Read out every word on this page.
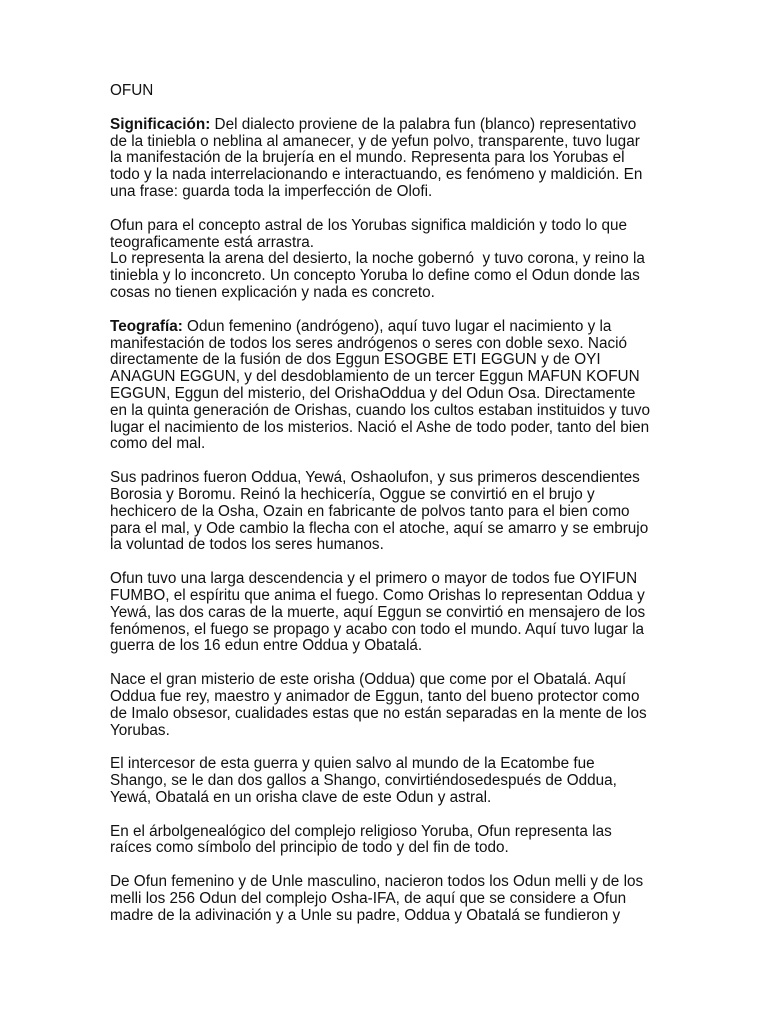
OFUN
Significación: Del dialecto proviene de la palabra fun (blanco) representativo
de la tiniebla o neblina al amanecer, y de yefun polvo, transparente, tuvo lugar
la manifestación de la brujería en el mundo. Representa para los Yorubas el
todo y la nada interrelacionando e interactuando, es fenómeno y maldición. En
una frase: guarda toda la imperfección de Olofi.
Ofun para el concepto astral de los Yorubas significa maldición y todo lo que
teograficamente está arrastra.
Lo representa la arena del desierto, la noche gobernó  y tuvo corona, y reino la
tiniebla y lo inconcreto. Un concepto Yoruba lo define como el Odun donde las
cosas no tienen explicación y nada es concreto.
Teografía: Odun femenino (andrógeno), aquí tuvo lugar el nacimiento y la
manifestación de todos los seres andrógenos o seres con doble sexo. Nació
directamente de la fusión de dos Eggun ESOGBE ETI EGGUN y de OYI
ANAGUN EGGUN, y del desdoblamiento de un tercer Eggun MAFUN KOFUN
EGGUN, Eggun del misterio, del OrishaOddua y del Odun Osa. Directamente
en la quinta generación de Orishas, cuando los cultos estaban instituidos y tuvo
lugar el nacimiento de los misterios. Nació el Ashe de todo poder, tanto del bien
como del mal.
Sus padrinos fueron Oddua, Yewá, Oshaolufon, y sus primeros descendientes
Borosia y Boromu. Reinó la hechicería, Oggue se convirtió en el brujo y
hechicero de la Osha, Ozain en fabricante de polvos tanto para el bien como
para el mal, y Ode cambio la flecha con el atoche, aquí se amarro y se embrujo
la voluntad de todos los seres humanos.
Ofun tuvo una larga descendencia y el primero o mayor de todos fue OYIFUN
FUMBO, el espíritu que anima el fuego. Como Orishas lo representan Oddua y
Yewá, las dos caras de la muerte, aquí Eggun se convirtió en mensajero de los
fenómenos, el fuego se propago y acabo con todo el mundo. Aquí tuvo lugar la
guerra de los 16 edun entre Oddua y Obatalá.
Nace el gran misterio de este orisha (Oddua) que come por el Obatalá. Aquí
Oddua fue rey, maestro y animador de Eggun, tanto del bueno protector como
de Imalo obsesor, cualidades estas que no están separadas en la mente de los
Yorubas.
El intercesor de esta guerra y quien salvo al mundo de la Ecatombe fue
Shango, se le dan dos gallos a Shango, convirtiéndosedespués de Oddua,
Yewá, Obatalá en un orisha clave de este Odun y astral.
En el árbolgenealógico del complejo religioso Yoruba, Ofun representa las
raíces como símbolo del principio de todo y del fin de todo.
De Ofun femenino y de Unle masculino, nacieron todos los Odun melli y de los
melli los 256 Odun del complejo Osha-IFA, de aquí que se considere a Ofun
madre de la adivinación y a Unle su padre, Oddua y Obatalá se fundieron y
